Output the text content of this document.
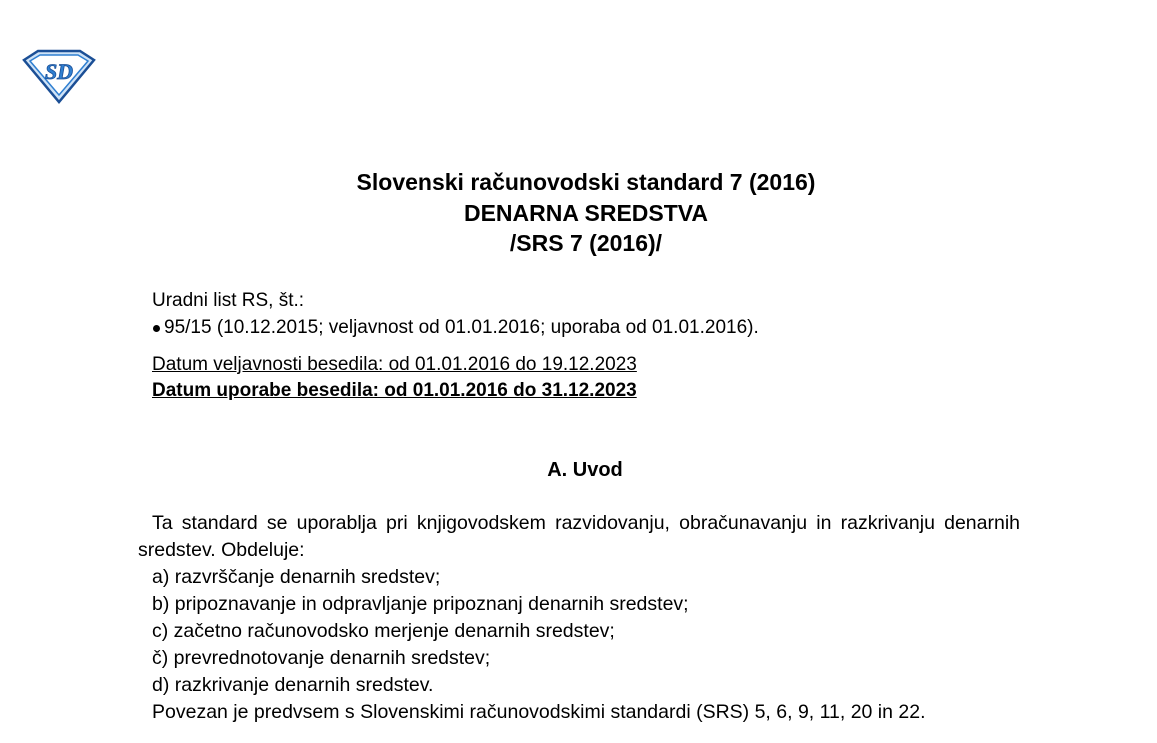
SD
Slovenski računovodski standard 7 (2016)
DENARNA SREDSTVA
/SRS 7 (2016)/
Uradni list RS, št.:
95/15 (10.12.2015; veljavnost od 01.01.2016; uporaba od 01.01.2016).
Datum veljavnosti besedila: od 01.01.2016 do 19.12.2023
Datum uporabe besedila: od 01.01.2016 do 31.12.2023
A. Uvod
Ta standard se uporablja pri knjigovodskem razvidovanju, obračunavanju in razkrivanju denarnih sredstev. Obdeluje:
a) razvrščanje denarnih sredstev;
b) pripoznavanje in odpravljanje pripoznanj denarnih sredstev;
c) začetno računovodsko merjenje denarnih sredstev;
č) prevrednotovanje denarnih sredstev;
d) razkrivanje denarnih sredstev.
Povezan je predvsem s Slovenskimi računovodskimi standardi (SRS) 5, 6, 9, 11, 20 in 22.
